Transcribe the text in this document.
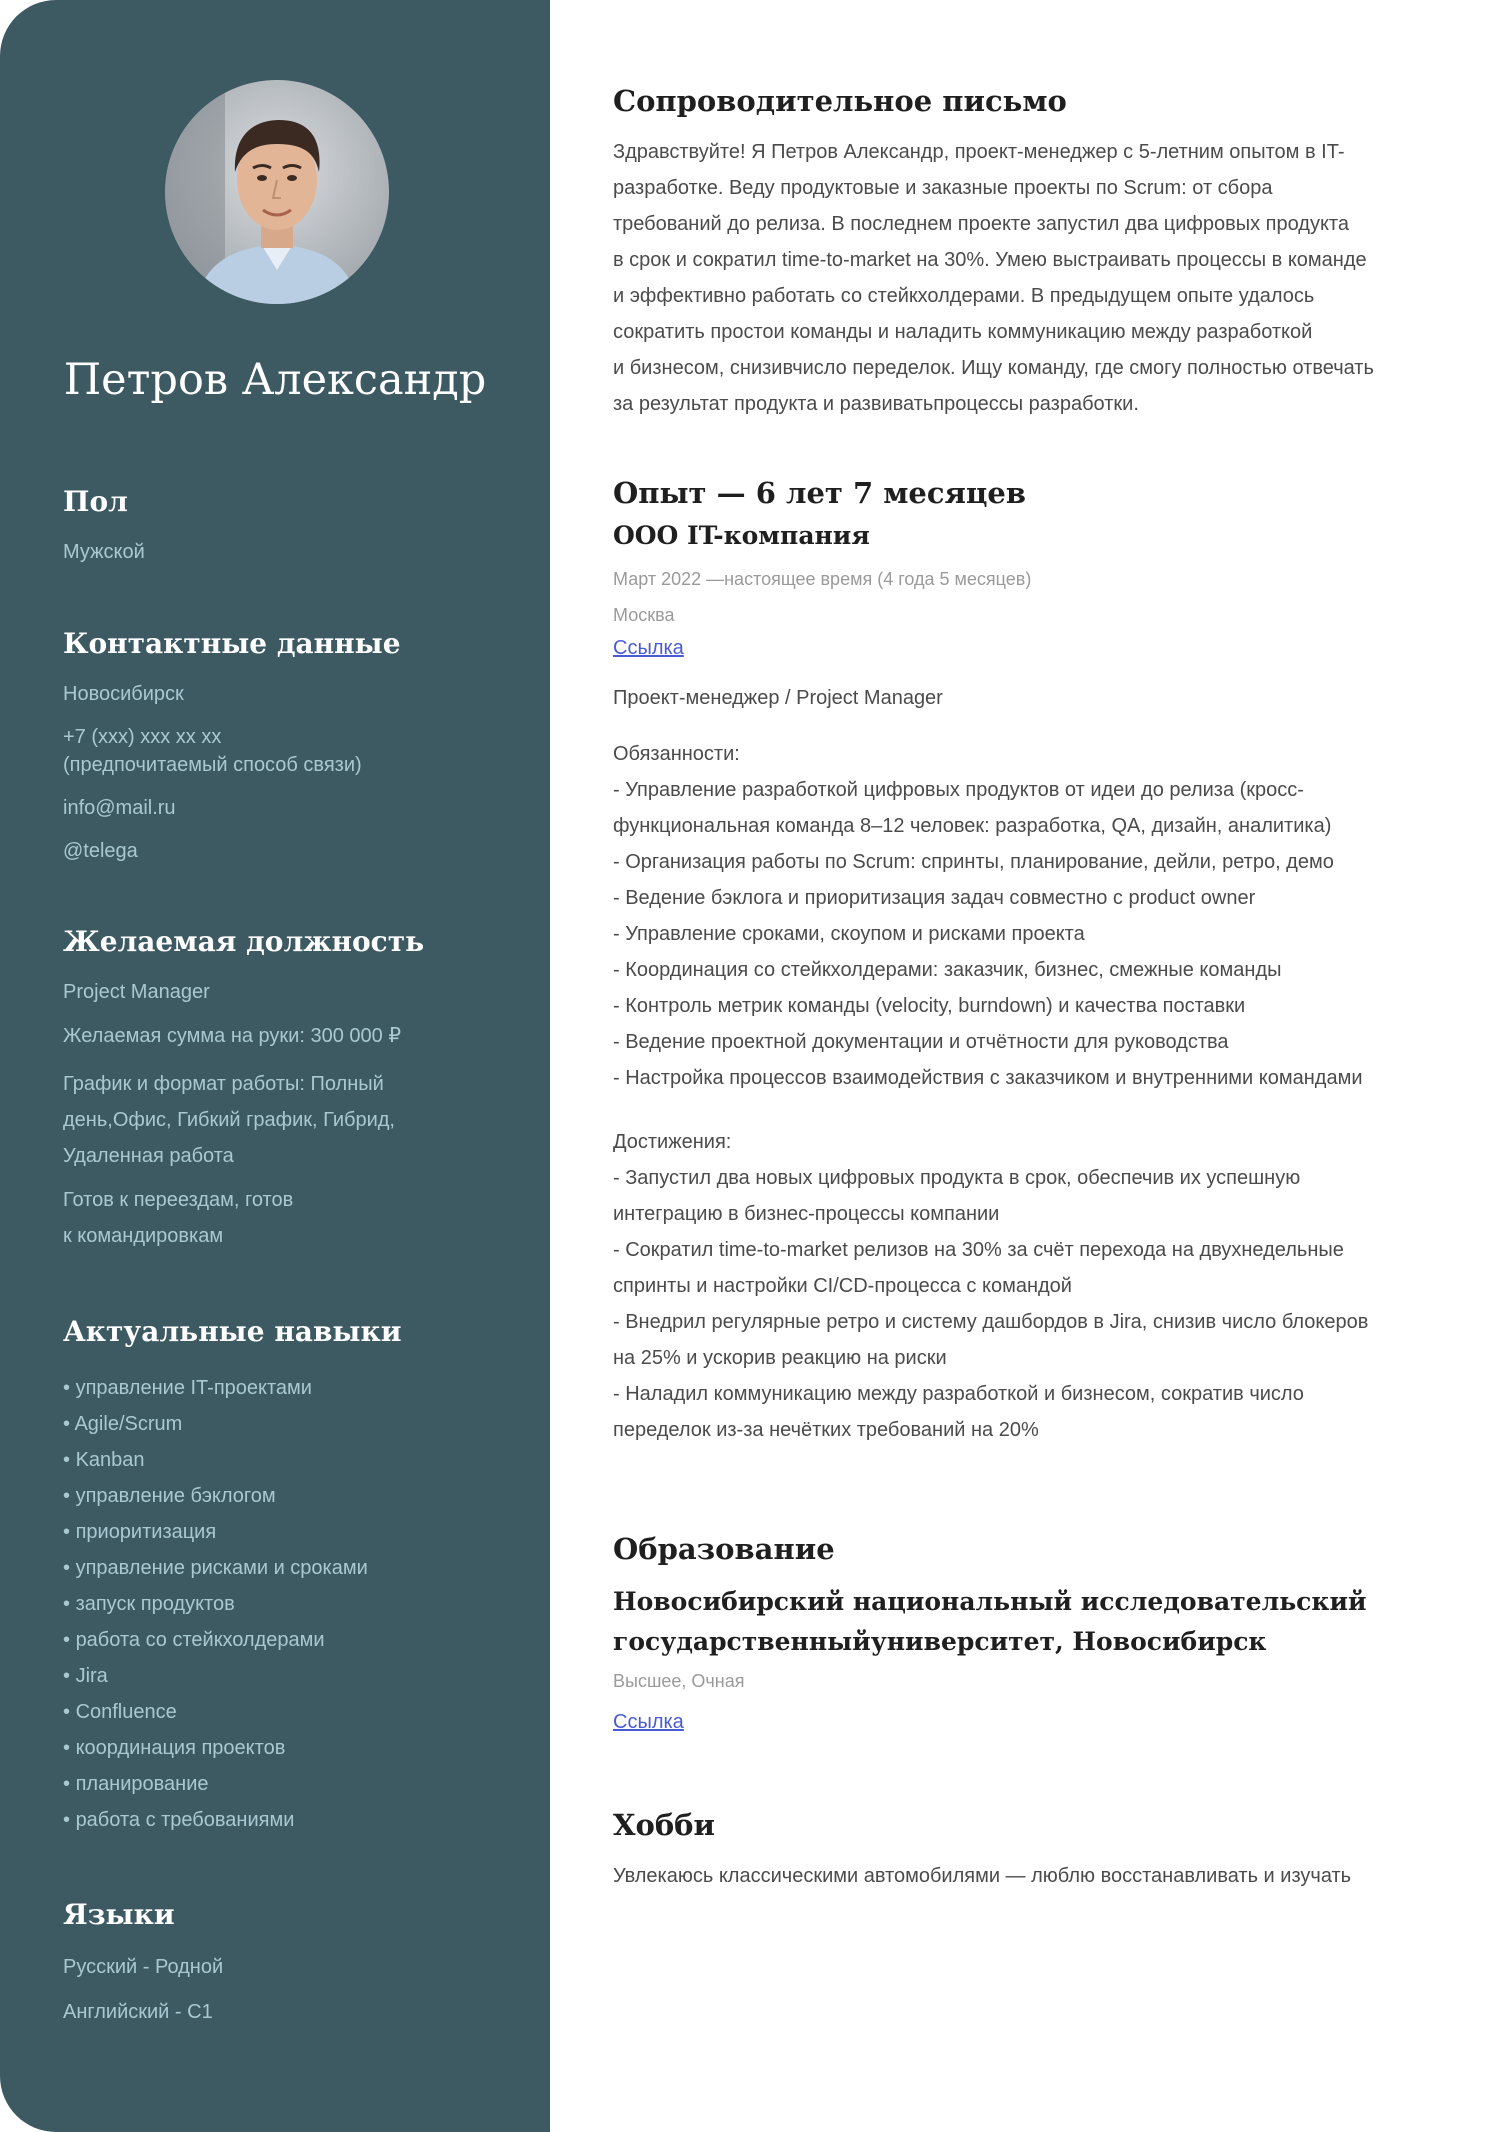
Петров Александр
Пол
Мужской
Контактные данные
Новосибирск
+7 (xxx) xxx xx xx
(предпочитаемый способ связи)
info@mail.ru
@telega
Желаемая должность
Project Manager
Желаемая сумма на руки: 300 000 ₽
График и формат работы: Полный
день,Офис, Гибкий график, Гибрид,
Удаленная работа
Готов к переездам, готов
к командировкам
Актуальные навыки
• управление IT-проектами
• Agile/Scrum
• Kanban
• управление бэклогом
• приоритизация
• управление рисками и сроками
• запуск продуктов
• работа со стейкхолдерами
• Jira
• Confluence
• координация проектов
• планирование
• работа с требованиями
Языки
Русский - Родной
Английский - С1
Сопроводительное письмо
Здравствуйте! Я Петров Александр, проект-менеджер с 5-летним опытом в IT-
разработке. Веду продуктовые и заказные проекты по Scrum: от сбора
требований до релиза. В последнем проекте запустил два цифровых продукта
в срок и сократил time-to-market на 30%. Умею выстраивать процессы в команде
и эффективно работать со стейкхолдерами. В предыдущем опыте удалось
сократить простои команды и наладить коммуникацию между разработкой
и бизнесом, снизивчисло переделок. Ищу команду, где смогу полностью отвечать
за результат продукта и развиватьпроцессы разработки.
Опыт — 6 лет 7 месяцев
ООО IT-компания
Март 2022 —настоящее время (4 года 5 месяцев)
Москва
Ссылка
Проект-менеджер / Project Manager
Обязанности:
- Управление разработкой цифровых продуктов от идеи до релиза (кросс-
функциональная команда 8–12 человек: разработка, QA, дизайн, аналитика)
- Организация работы по Scrum: спринты, планирование, дейли, ретро, демо
- Ведение бэклога и приоритизация задач совместно с product owner
- Управление сроками, скоупом и рисками проекта
- Координация со стейкхолдерами: заказчик, бизнес, смежные команды
- Контроль метрик команды (velocity, burndown) и качества поставки
- Ведение проектной документации и отчётности для руководства
- Настройка процессов взаимодействия с заказчиком и внутренними командами
Достижения:
- Запустил два новых цифровых продукта в срок, обеспечив их успешную
интеграцию в бизнес-процессы компании
- Сократил time-to-market релизов на 30% за счёт перехода на двухнедельные
спринты и настройки CI/CD-процесса с командой
- Внедрил регулярные ретро и систему дашбордов в Jira, снизив число блокеров
на 25% и ускорив реакцию на риски
- Наладил коммуникацию между разработкой и бизнесом, сократив число
переделок из-за нечётких требований на 20%
Образование
Новосибирский национальный исследовательский
государственныйуниверситет, Новосибирск
Высшее, Очная
Ссылка
Хобби
Увлекаюсь классическими автомобилями — люблю восстанавливать и изучать
